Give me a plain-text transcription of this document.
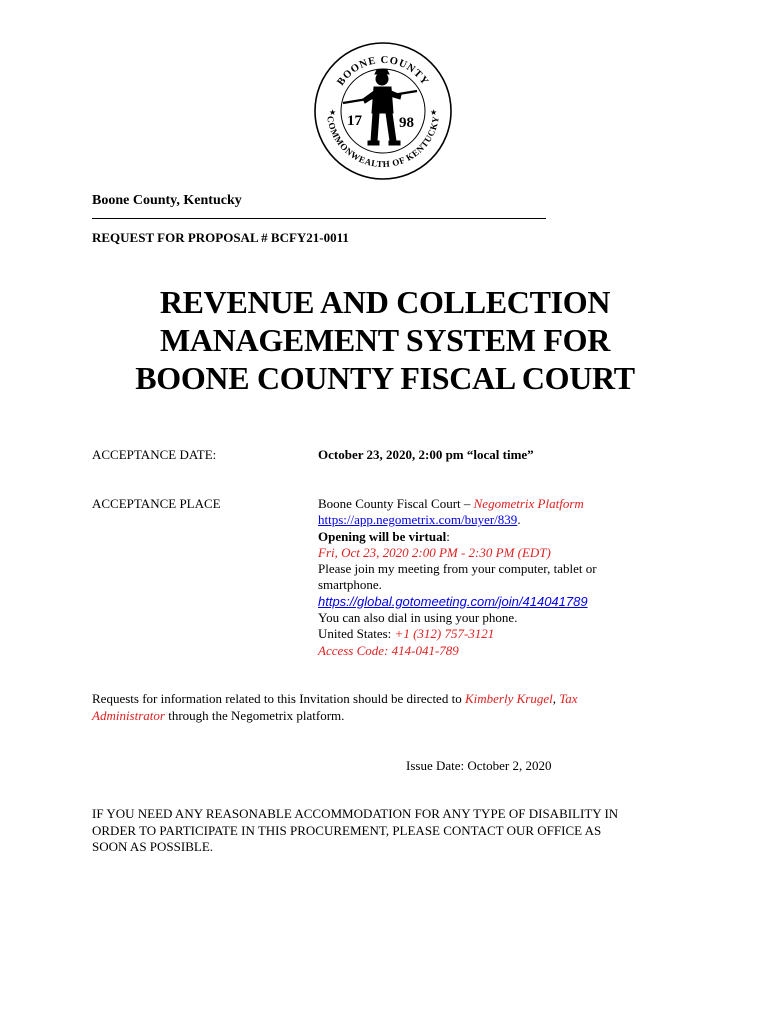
BOONE COUNTY
COMMONWEALTH OF KENTUCKY
★	★
17 98
Boone County, Kentucky
REQUEST FOR PROPOSAL # BCFY21-0011
REVENUE AND COLLECTION
MANAGEMENT SYSTEM FOR
BOONE COUNTY FISCAL COURT
ACCEPTANCE DATE:	October 23, 2020, 2:00 pm “local time”
ACCEPTANCE PLACE	Boone County Fiscal Court – Negometrix Platform
https://app.negometrix.com/buyer/839.
Opening will be virtual:
Fri, Oct 23, 2020 2:00 PM - 2:30 PM (EDT)
Please join my meeting from your computer, tablet or
smartphone.
https://global.gotomeeting.com/join/414041789
You can also dial in using your phone.
United States: +1 (312) 757-3121
Access Code: 414-041-789
Requests for information related to this Invitation should be directed to Kimberly Krugel, Tax
Administrator through the Negometrix platform.
Issue Date: October 2, 2020
IF YOU NEED ANY REASONABLE ACCOMMODATION FOR ANY TYPE OF DISABILITY IN
ORDER TO PARTICIPATE IN THIS PROCUREMENT, PLEASE CONTACT OUR OFFICE AS
SOON AS POSSIBLE.
